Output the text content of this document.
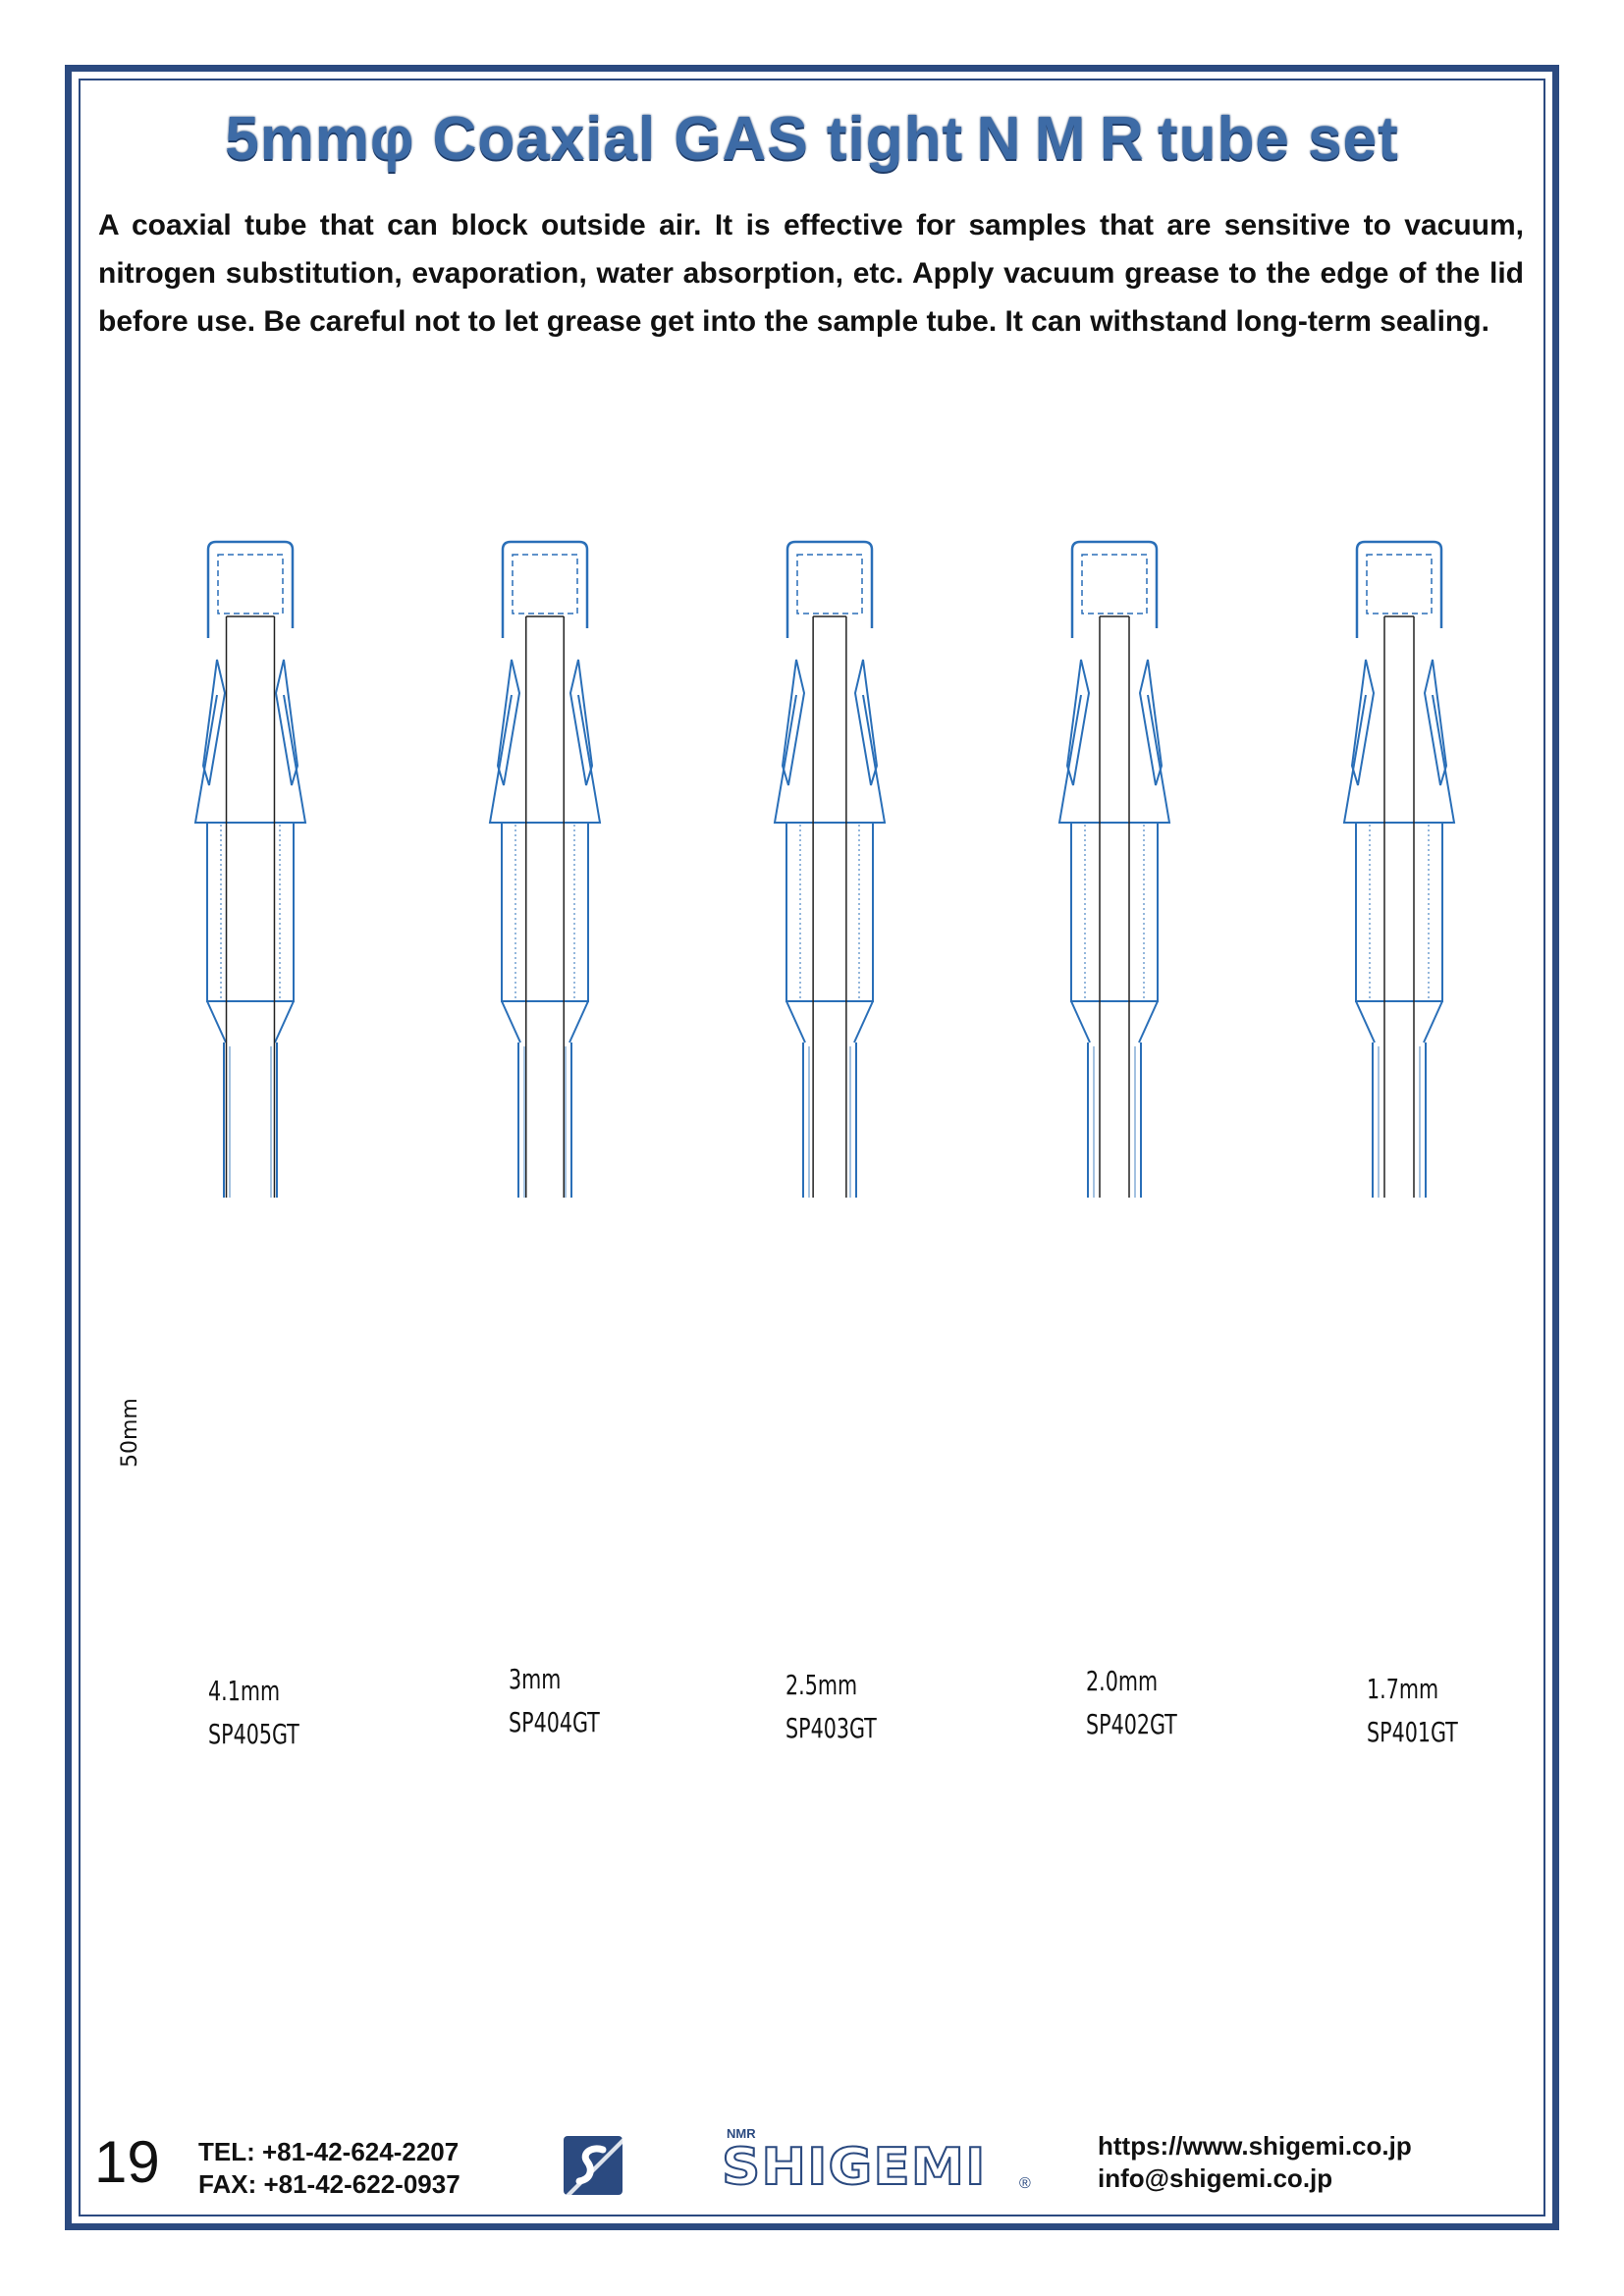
5mmφ Coaxial GAS tight N M R tube set
A coaxial tube that can block outside air. It is effective for samples that are sensitive to vacuum, nitrogen substitution, evaporation, water absorption, etc. Apply vacuum grease to the edge of the lid before use. Be careful not to let grease get into the sample tube. It can withstand long-term sealing.
50mm
4.1mm
SP405GT
3mm
SP404GT
2.5mm
SP403GT
2.0mm
SP402GT
1.7mm
SP401GT
19 TEL: +81-42-624-2207
FAX: +81-42-622-0937
NMR
SHIGEMI ®
https://www.shigemi.co.jp
info@shigemi.co.jp
